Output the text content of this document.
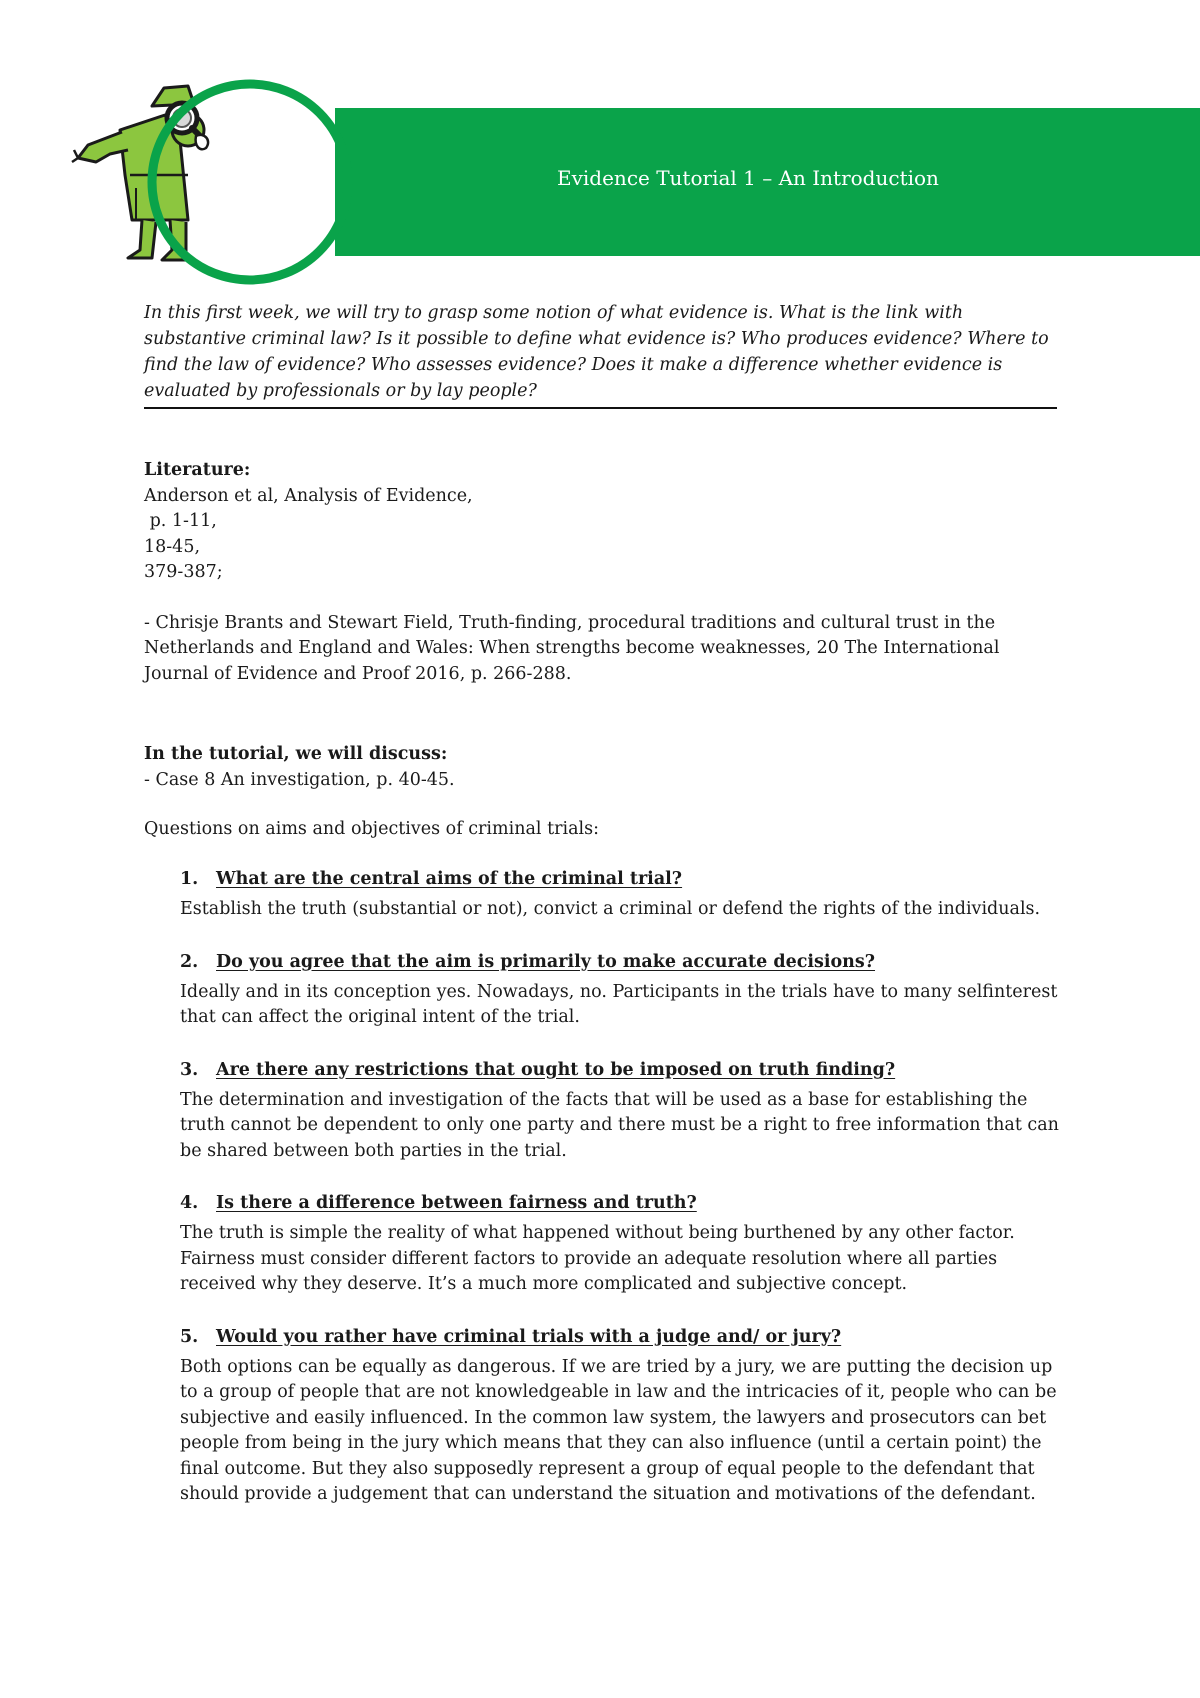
Evidence Tutorial 1 – An Introduction
In this first week, we will try to grasp some notion of what evidence is. What is the link with substantive criminal law? Is it possible to define what evidence is? Who produces evidence? Where to find the law of evidence? Who assesses evidence? Does it make a difference whether evidence is evaluated by professionals or by lay people?
Literature:
Anderson et al, Analysis of Evidence,
p. 1-11,
18-45,
379-387;
- Chrisje Brants and Stewart Field, Truth-finding, procedural traditions and cultural trust in the Netherlands and England and Wales: When strengths become weaknesses, 20 The International Journal of Evidence and Proof 2016, p. 266-288.
In the tutorial, we will discuss:
- Case 8 An investigation, p. 40-45.
Questions on aims and objectives of criminal trials:
1.	What are the central aims of the criminal trial?
Establish the truth (substantial or not), convict a criminal or defend the rights of the individuals.
2.	Do you agree that the aim is primarily to make accurate decisions?
Ideally and in its conception yes. Nowadays, no. Participants in the trials have to many selfinterest that can affect the original intent of the trial.
3.	Are there any restrictions that ought to be imposed on truth finding?
The determination and investigation of the facts that will be used as a base for establishing the truth cannot be dependent to only one party and there must be a right to free information that can be shared between both parties in the trial.
4.	Is there a difference between fairness and truth?
The truth is simple the reality of what happened without being burthened by any other factor. Fairness must consider different factors to provide an adequate resolution where all parties received why they deserve. It’s a much more complicated and subjective concept.
5.	Would you rather have criminal trials with a judge and/ or jury?
Both options can be equally as dangerous. If we are tried by a jury, we are putting the decision up to a group of people that are not knowledgeable in law and the intricacies of it, people who can be subjective and easily influenced. In the common law system, the lawyers and prosecutors can bet people from being in the jury which means that they can also influence (until a certain point) the final outcome. But they also supposedly represent a group of equal people to the defendant that should provide a judgement that can understand the situation and motivations of the defendant.
